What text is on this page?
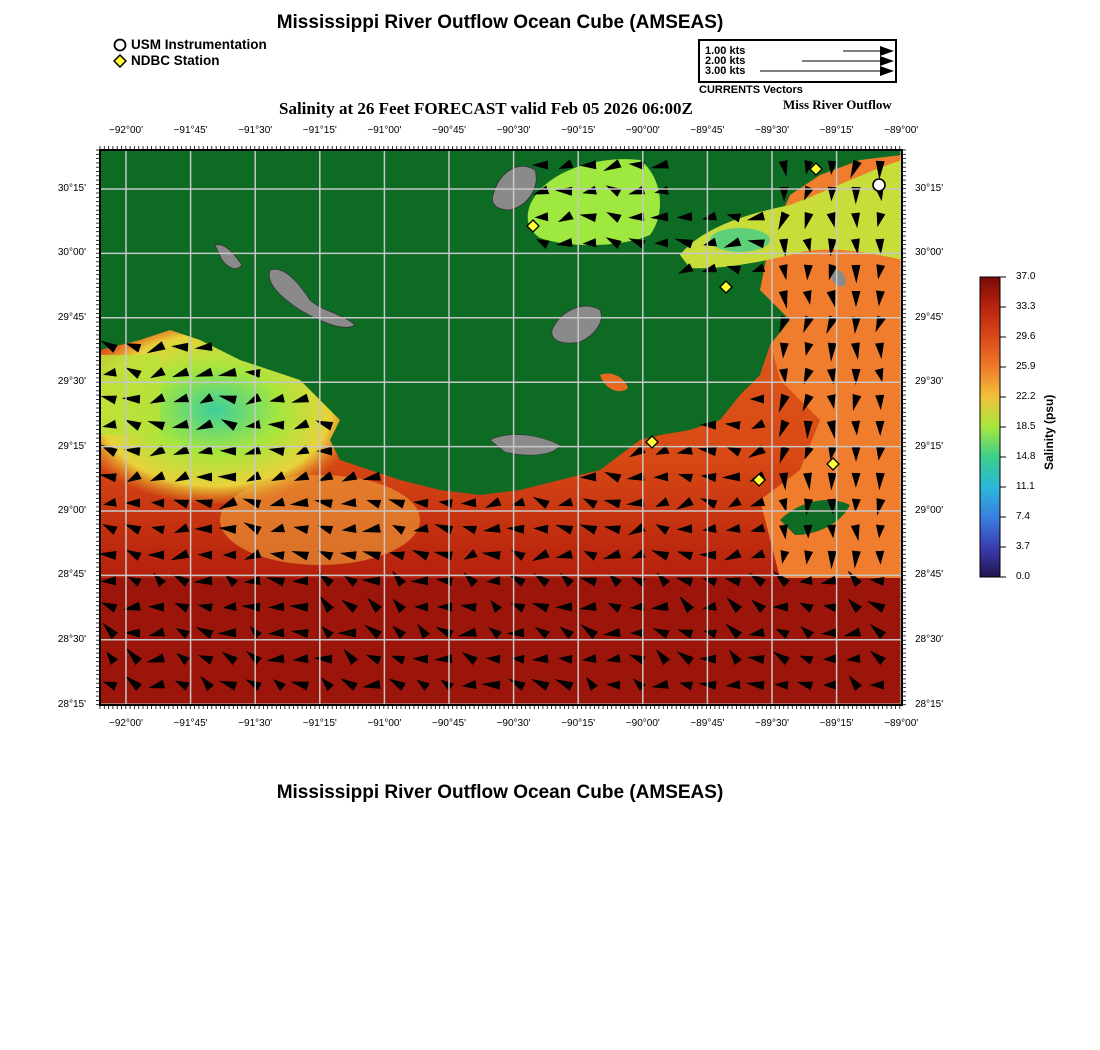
Mississippi River Outflow Ocean Cube (AMSEAS)
USM Instrumentation
NDBC Station
1.00 kts
2.00 kts
3.00 kts
CURRENTS Vectors
Salinity at 26 Feet FORECAST valid Feb 05 2026 06:00Z	Miss River Outflow
−92°00'	−91°45'	−91°30'	−91°15'	−91°00'	−90°45'	−90°30'	−90°15'	−90°00'	−89°45'	−89°30'	−89°15'	−89°00'
−92°00'	−91°45'	−91°30'	−91°15'	−91°00'	−90°45'	−90°30'	−90°15'	−90°00'	−89°45'	−89°30'	−89°15'	−89°00'
30°15'
30°00'
29°45'
29°30'
29°15'
29°00'
28°45'
28°30'
28°15'
30°15'
30°00'
29°45'
29°30'
29°15'
29°00'
28°45'
28°30'
28°15'
37.0
33.3
29.6
25.9
22.2
18.5
14.8
11.1
7.4
3.7
0.0
Salinity (psu)
Mississippi River Outflow Ocean Cube (AMSEAS)
